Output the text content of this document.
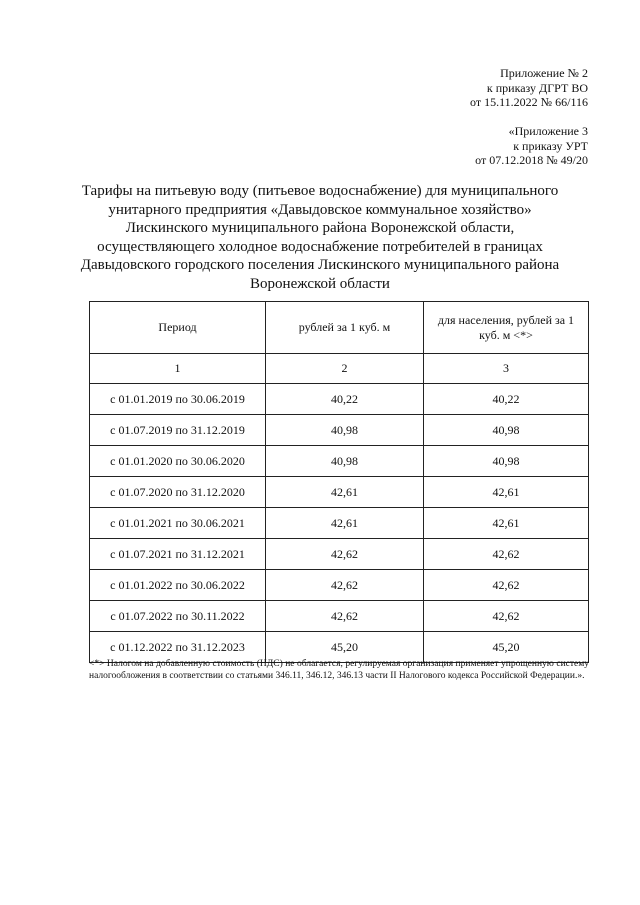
Приложение № 2
к приказу ДГРТ ВО
от 15.11.2022 № 66/116
«Приложение 3
к приказу УРТ
от 07.12.2018 № 49/20
Тарифы на питьевую воду (питьевое водоснабжение) для муниципального
унитарного предприятия «Давыдовское коммунальное хозяйство»
Лискинского муниципального района Воронежской области,
осуществляющего холодное водоснабжение потребителей в границах
Давыдовского городского поселения Лискинского муниципального района
Воронежской области
Период	рублей за 1 куб. м	для населения, рублей за 1 куб. м <*>
1	2	3
с 01.01.2019 по 30.06.2019	40,22	40,22
с 01.07.2019 по 31.12.2019	40,98	40,98
с 01.01.2020 по 30.06.2020	40,98	40,98
с 01.07.2020 по 31.12.2020	42,61	42,61
с 01.01.2021 по 30.06.2021	42,61	42,61
с 01.07.2021 по 31.12.2021	42,62	42,62
с 01.01.2022 по 30.06.2022	42,62	42,62
с 01.07.2022 по 30.11.2022	42,62	42,62
с 01.12.2022 по 31.12.2023	45,20	45,20
<*> Налогом на добавленную стоимость (НДС) не облагается, регулируемая организация применяет упрощенную систему налогообложения в соответствии со статьями 346.11, 346.12, 346.13 части II Налогового кодекса Российской Федерации.».
